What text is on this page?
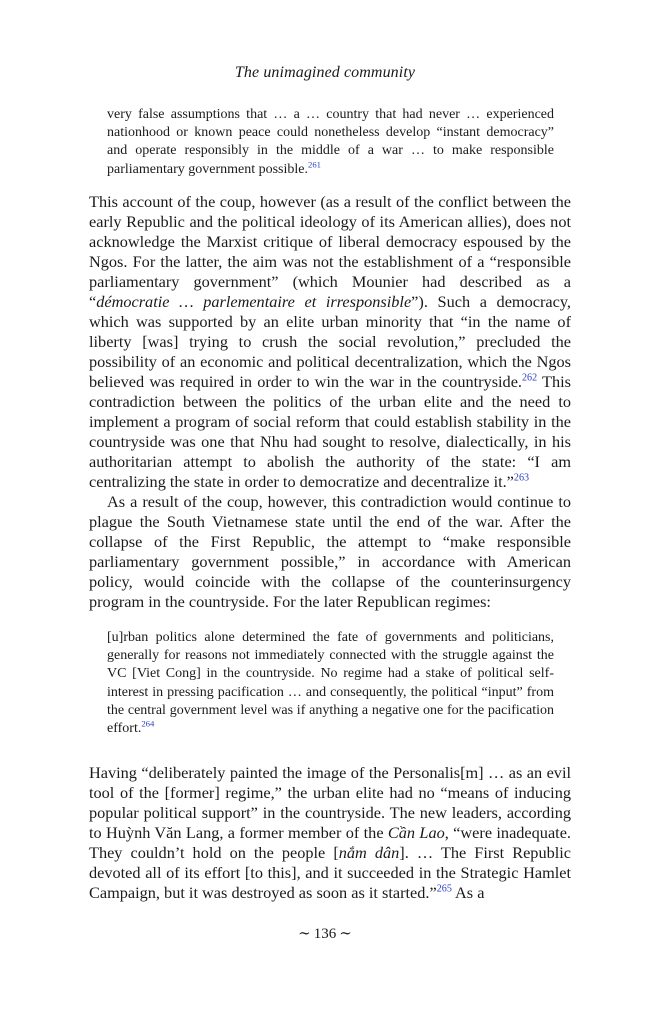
The unimagined community
very false assumptions that … a … country that had never … experienced nationhood or known peace could nonetheless develop “instant democracy” and operate responsibly in the middle of a war … to make responsible parliamentary government possible.$^{261}$

This account of the coup, however (as a result of the conflict between the early Republic and the political ideology of its American allies), does not acknowledge the Marxist critique of liberal democracy espoused by the Ngos. For the latter, the aim was not the establishment of a “responsible parliamentary government” (which Mounier had described as a “démocratie … parlementaire et irresponsible”). Such a democracy, which was supported by an elite urban minority that “in the name of liberty [was] trying to crush the social revolution,” precluded the possibility of an economic and political decentralization, which the Ngos believed was required in order to win the war in the countryside.$^{262}$ This contradiction between the politics of the urban elite and the need to implement a program of social reform that could establish stability in the countryside was one that Nhu had sought to resolve, dialectically, in his authoritarian attempt to abolish the authority of the state: “I am centralizing the state in order to democratize and decentralize it.”$^{263}$

As a result of the coup, however, this contradiction would continue to plague the South Vietnamese state until the end of the war. After the collapse of the First Republic, the attempt to “make responsible parliamentary government possible,” in accordance with American policy, would coincide with the collapse of the counterinsurgency program in the countryside. For the later Republican regimes:

[u]rban politics alone determined the fate of governments and politicians, generally for reasons not immediately connected with the struggle against the VC [Viet Cong] in the countryside. No regime had a stake of political self-interest in pressing pacification … and consequently, the political “input” from the central government level was if anything a negative one for the pacification effort.$^{264}$

Having “deliberately painted the image of the Personalis[m] … as an evil tool of the [former] regime,” the urban elite had no “means of inducing popular political support” in the countryside. The new leaders, according to Huỳnh Văn Lang, a former member of the Cần Lao, “were inadequate. They couldn’t hold on the people [nắm dân]. … The First Republic devoted all of its effort [to this], and it succeeded in the Strategic Hamlet Campaign, but it was destroyed as soon as it started.”$^{265}$ As a

∼ 136 ∼
